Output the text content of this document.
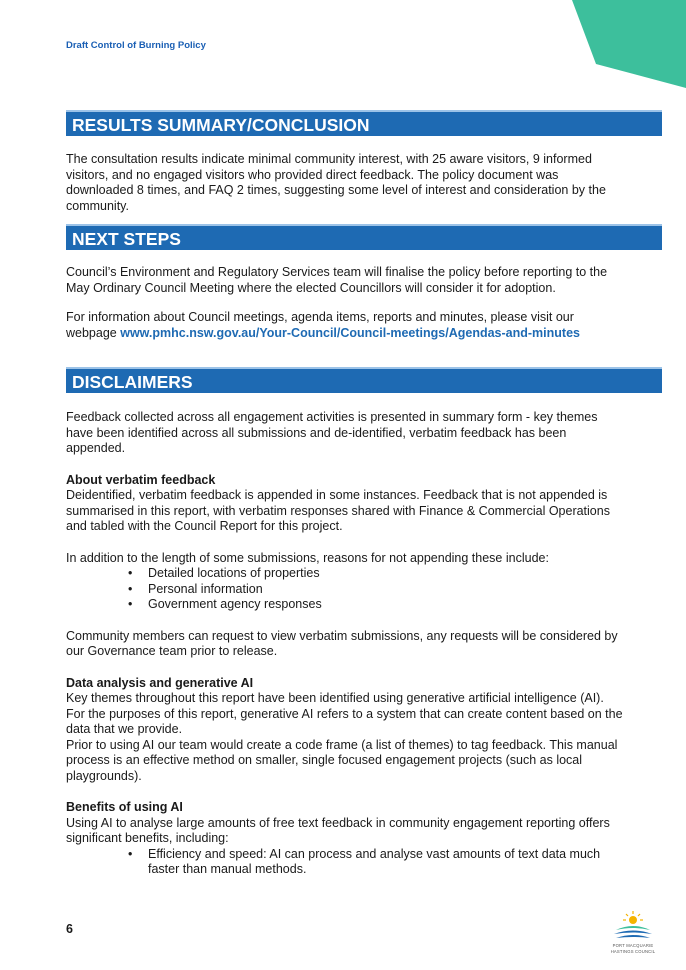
Draft Control of Burning Policy
RESULTS SUMMARY/CONCLUSION

The consultation results indicate minimal community interest, with 25 aware visitors, 9 informed visitors, and no engaged visitors who provided direct feedback. The policy document was downloaded 8 times, and FAQ 2 times, suggesting some level of interest and consideration by the community.

NEXT STEPS

Council’s Environment and Regulatory Services team will finalise the policy before reporting to the May Ordinary Council Meeting where the elected Councillors will consider it for adoption.

For information about Council meetings, agenda items, reports and minutes, please visit our webpage www.pmhc.nsw.gov.au/Your-Council/Council-meetings/Agendas-and-minutes

DISCLAIMERS

Feedback collected across all engagement activities is presented in summary form - key themes have been identified across all submissions and de-identified, verbatim feedback has been appended.

About verbatim feedback

Deidentified, verbatim feedback is appended in some instances. Feedback that is not appended is summarised in this report, with verbatim responses shared with Finance & Commercial Operations and tabled with the Council Report for this project.

In addition to the length of some submissions, reasons for not appending these include:

• Detailed locations of properties
• Personal information
• Government agency responses

Community members can request to view verbatim submissions, any requests will be considered by our Governance team prior to release.

Data analysis and generative AI

Key themes throughout this report have been identified using generative artificial intelligence (AI). For the purposes of this report, generative AI refers to a system that can create content based on the data that we provide.

Prior to using AI our team would create a code frame (a list of themes) to tag feedback. This manual process is an effective method on smaller, single focused engagement projects (such as local playgrounds).

Benefits of using AI

Using AI to analyse large amounts of free text feedback in community engagement reporting offers significant benefits, including:

• Efficiency and speed: AI can process and analyse vast amounts of text data much faster than manual methods.
6
PORT MACQUARIE
HASTINGS COUNCIL
